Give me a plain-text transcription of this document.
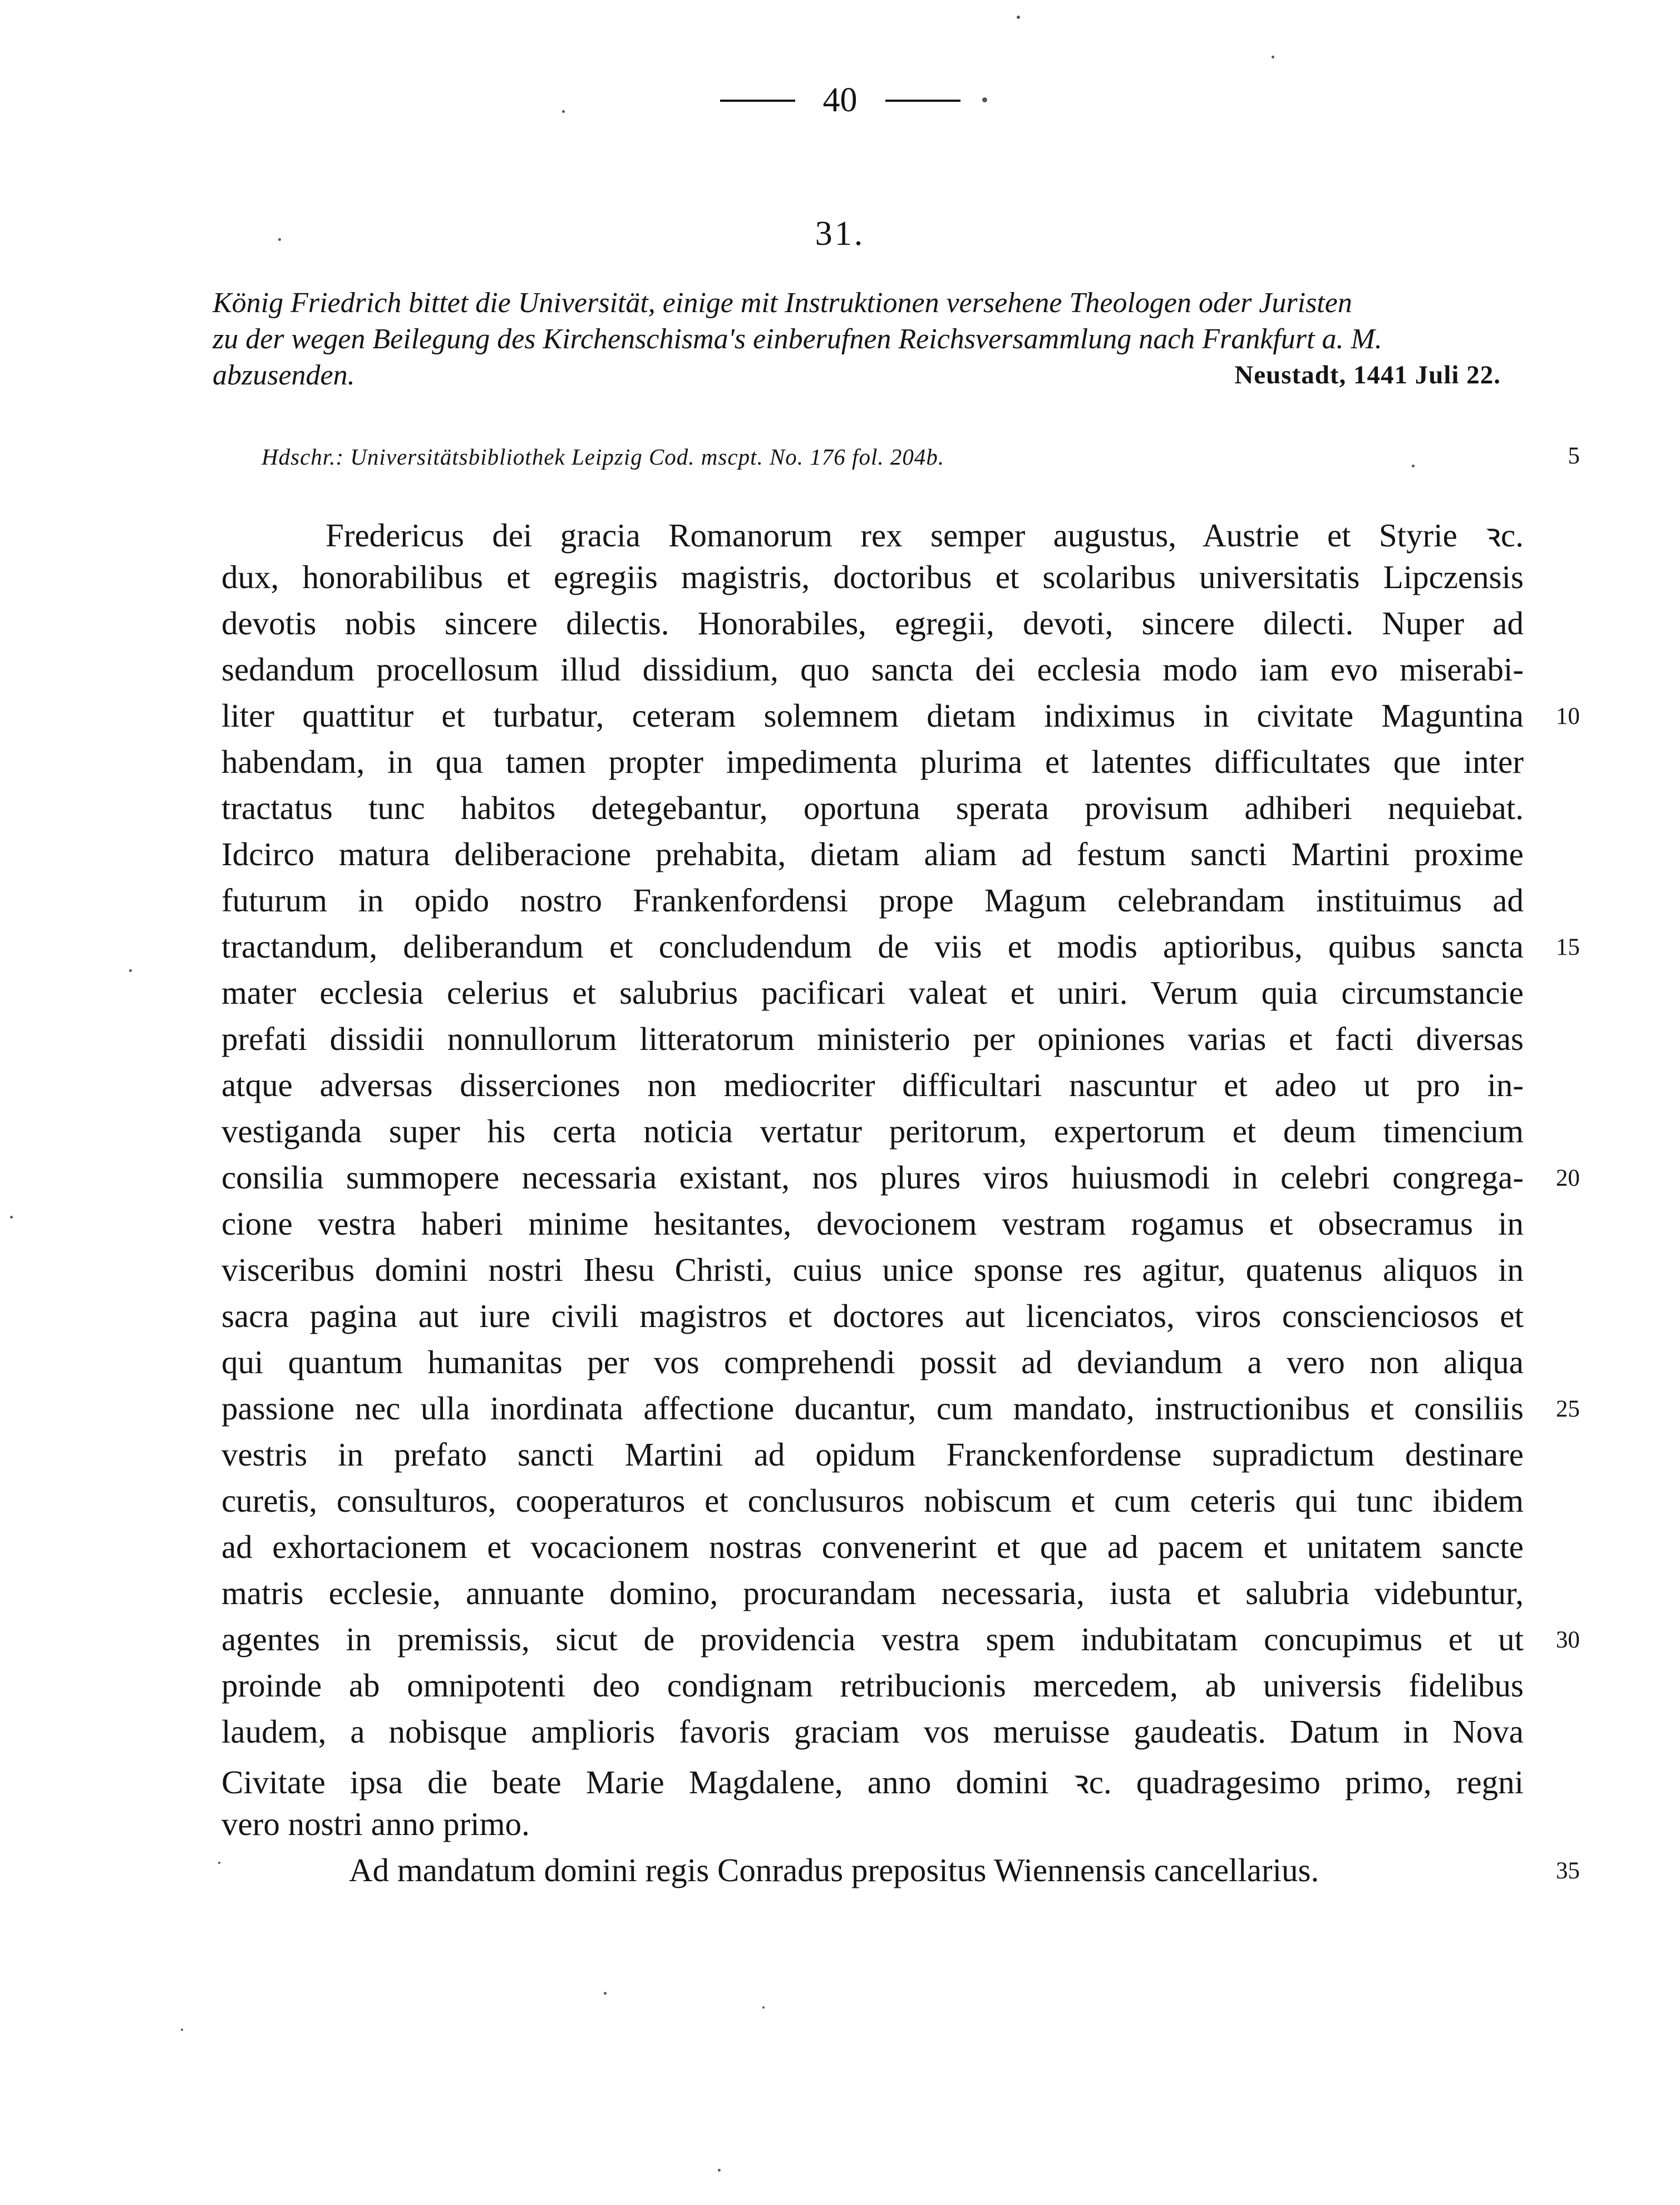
40
31.
König Friedrich bittet die Universität, einige mit Instruktionen versehene Theologen oder Juristen
zu der wegen Beilegung des Kirchenschisma's einberufnen Reichsversammlung nach Frankfurt a. M.
abzusenden.	Neustadt, 1441 Juli 22.
Hdschr.: Universitätsbibliothek Leipzig Cod. mscpt. No. 176 fol. 204b.
Fredericus dei gracia Romanorum rex semper augustus, Austrie et Styrie ꝛc.
dux, honorabilibus et egregiis magistris, doctoribus et scolaribus universitatis Lipczensis
devotis nobis sincere dilectis. Honorabiles, egregii, devoti, sincere dilecti. Nuper ad
sedandum procellosum illud dissidium, quo sancta dei ecclesia modo iam evo miserabi-
liter quattitur et turbatur, ceteram solemnem dietam indiximus in civitate Maguntina
habendam, in qua tamen propter impedimenta plurima et latentes difficultates que inter
tractatus tunc habitos detegebantur, oportuna sperata provisum adhiberi nequiebat.
Idcirco matura deliberacione prehabita, dietam aliam ad festum sancti Martini proxime
futurum in opido nostro Frankenfordensi prope Magum celebrandam instituimus ad
tractandum, deliberandum et concludendum de viis et modis aptioribus, quibus sancta
mater ecclesia celerius et salubrius pacificari valeat et uniri. Verum quia circumstancie
prefati dissidii nonnullorum litteratorum ministerio per opiniones varias et facti diversas
atque adversas disserciones non mediocriter difficultari nascuntur et adeo ut pro in-
vestiganda super his certa noticia vertatur peritorum, expertorum et deum timencium
consilia summopere necessaria existant, nos plures viros huiusmodi in celebri congrega-
cione vestra haberi minime hesitantes, devocionem vestram rogamus et obsecramus in
visceribus domini nostri Ihesu Christi, cuius unice sponse res agitur, quatenus aliquos in
sacra pagina aut iure civili magistros et doctores aut licenciatos, viros conscienciosos et
qui quantum humanitas per vos comprehendi possit ad deviandum a vero non aliqua
passione nec ulla inordinata affectione ducantur, cum mandato, instructionibus et consiliis
vestris in prefato sancti Martini ad opidum Franckenfordense supradictum destinare
curetis, consulturos, cooperaturos et conclusuros nobiscum et cum ceteris qui tunc ibidem
ad exhortacionem et vocacionem nostras convenerint et que ad pacem et unitatem sancte
matris ecclesie, annuante domino, procurandam necessaria, iusta et salubria videbuntur,
agentes in premissis, sicut de providencia vestra spem indubitatam concupimus et ut
proinde ab omnipotenti deo condignam retribucionis mercedem, ab universis fidelibus
laudem, a nobisque amplioris favoris graciam vos meruisse gaudeatis. Datum in Nova
Civitate ipsa die beate Marie Magdalene, anno domini ꝛc. quadragesimo primo, regni
vero nostri anno primo.
Ad mandatum domini regis Conradus prepositus Wiennensis cancellarius.
5
10
15
20
25
30
35
